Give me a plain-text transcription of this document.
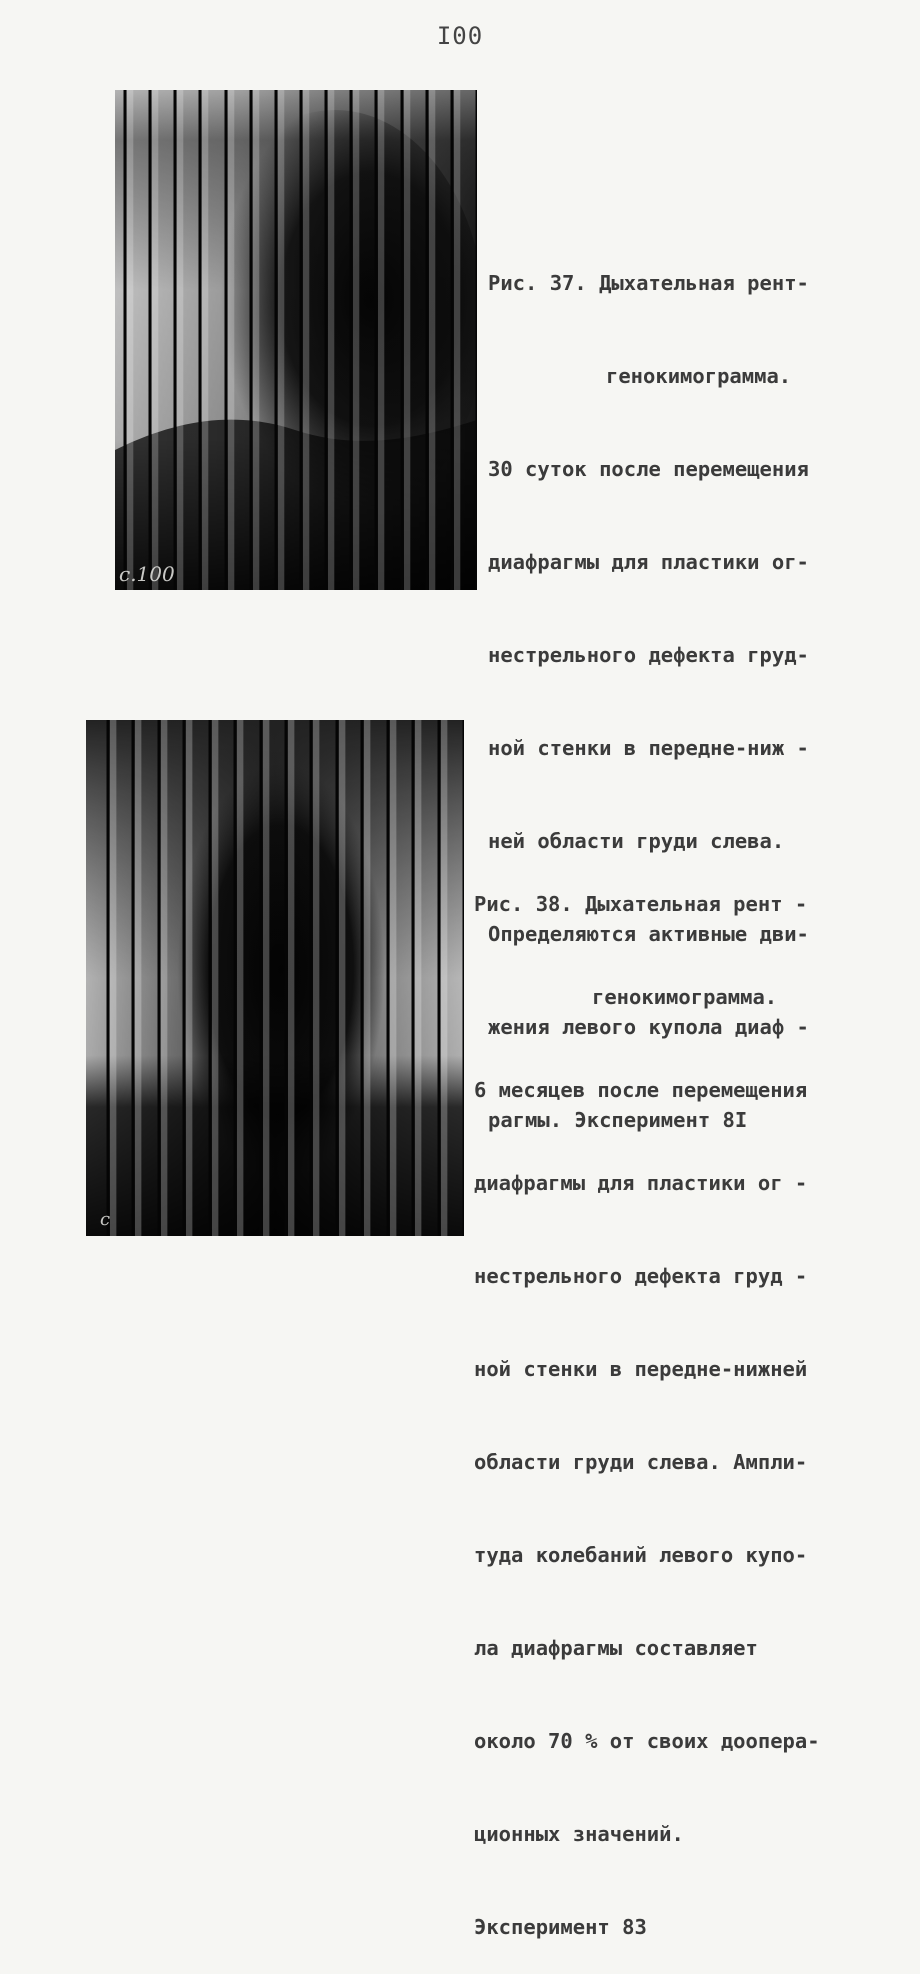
I00
c.100

Рис. 37. Дыхательная рент-

генокимограмма.

30 суток после перемещения

диафрагмы для пластики ог-

нестрельного дефекта груд-

ной стенки в передне-ниж -

ней области груди слева.

Определяются активные дви-

жения левого купола диаф -

рагмы. Эксперимент 8I

c

Рис. 38. Дыхательная рент -

генокимограмма.

6 месяцев после перемещения

диафрагмы для пластики ог -

нестрельного дефекта груд -

ной стенки в передне-нижней

области груди слева. Ампли-

туда колебаний левого купо-

ла диафрагмы составляет

около 70 % от своих доопера-

ционных значений.

Эксперимент 83
